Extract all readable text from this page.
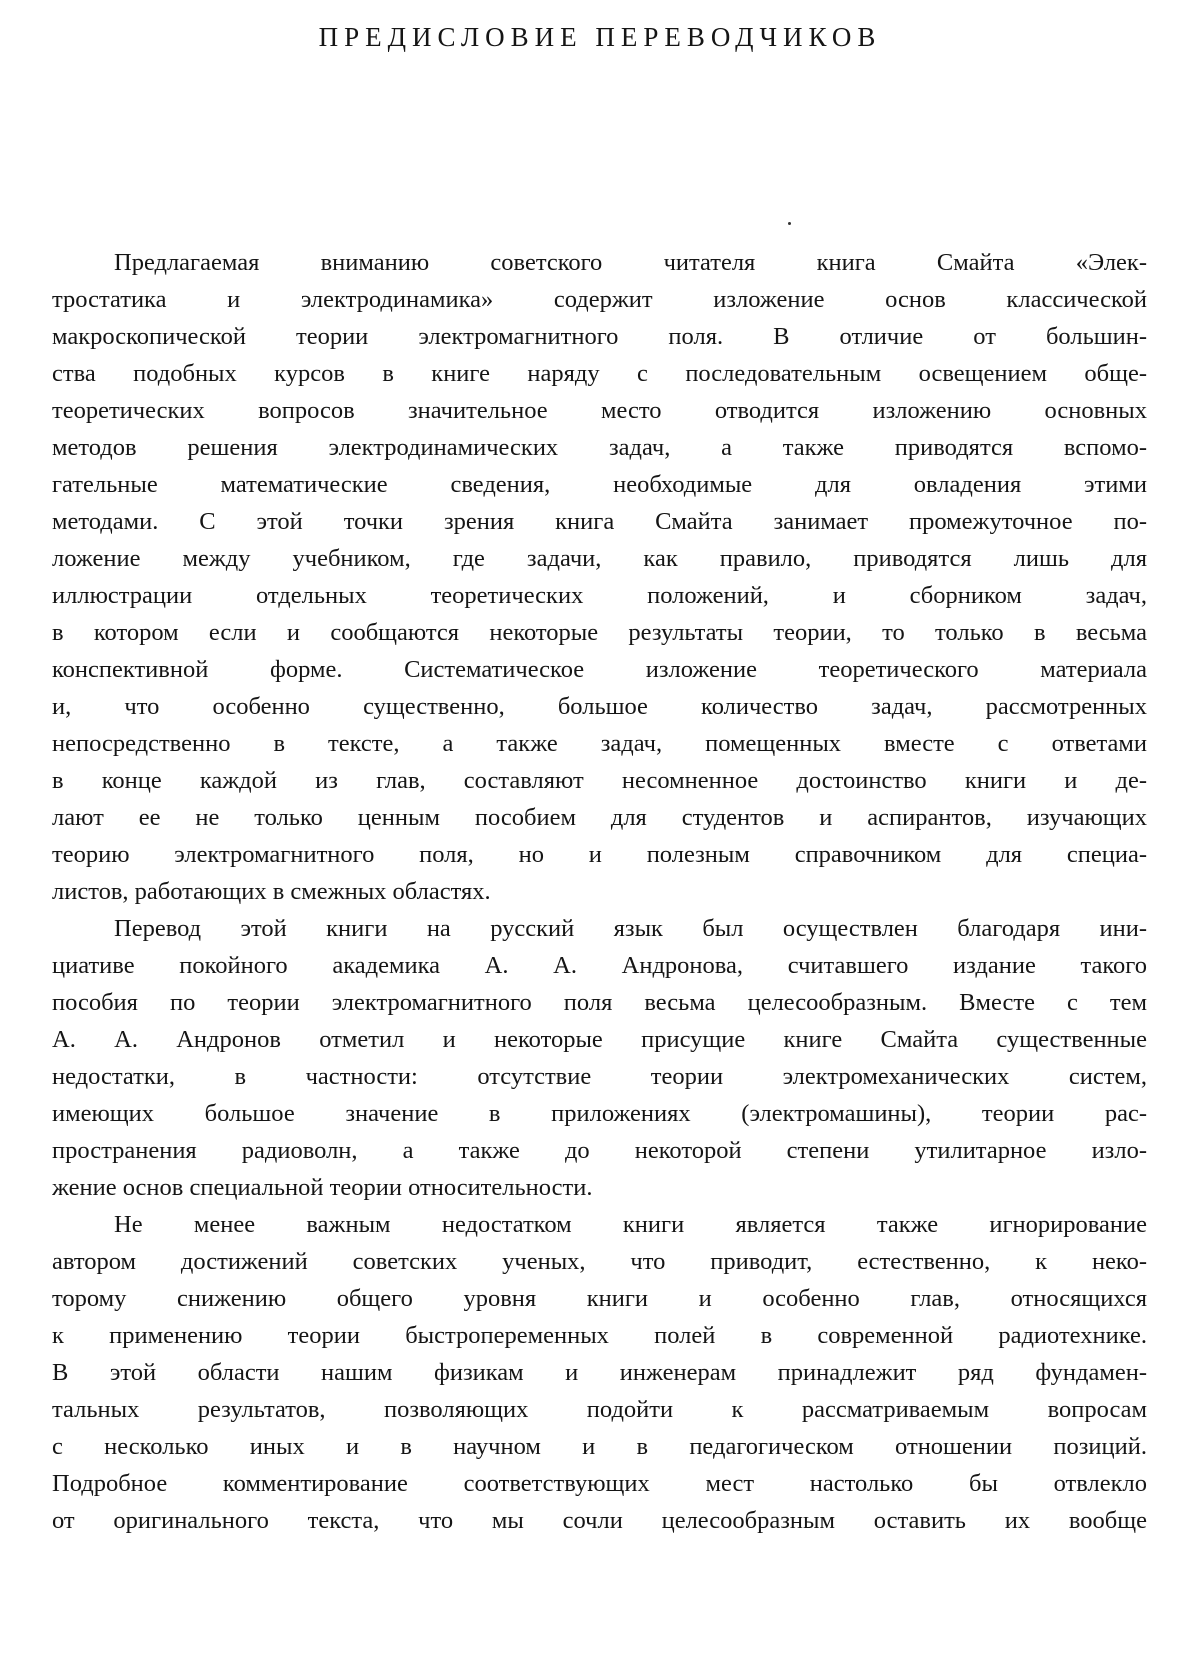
ПРЕДИСЛОВИЕ ПЕРЕВОДЧИКОВ
Предлагаемая вниманию советского читателя книга Смайта «Элек-
тростатика и электродинамика» содержит изложение основ классической
макроскопической теории электромагнитного поля. В отличие от большин-
ства подобных курсов в книге наряду с последовательным освещением обще-
теоретических вопросов значительное место отводится изложению основных
методов решения электродинамических задач, а также приводятся вспомо-
гательные математические сведения, необходимые для овладения этими
методами. С этой точки зрения книга Смайта занимает промежуточное по-
ложение между учебником, где задачи, как правило, приводятся лишь для
иллюстрации отдельных теоретических положений, и сборником задач,
в котором если и сообщаются некоторые результаты теории, то только в весьма
конспективной форме. Систематическое изложение теоретического материала
и, что особенно существенно, большое количество задач, рассмотренных
непосредственно в тексте, а также задач, помещенных вместе с ответами
в конце каждой из глав, составляют несомненное достоинство книги и де-
лают ее не только ценным пособием для студентов и аспирантов, изучающих
теорию электромагнитного поля, но и полезным справочником для специа-
листов, работающих в смежных областях.
Перевод этой книги на русский язык был осуществлен благодаря ини-
циативе покойного академика А. А. Андронова, считавшего издание такого
пособия по теории электромагнитного поля весьма целесообразным. Вместе с тем
А. А. Андронов отметил и некоторые присущие книге Смайта существенные
недостатки, в частности: отсутствие теории электромеханических систем,
имеющих большое значение в приложениях (электромашины), теории рас-
пространения радиоволн, а также до некоторой степени утилитарное изло-
жение основ специальной теории относительности.
Не менее важным недостатком книги является также игнорирование
автором достижений советских ученых, что приводит, естественно, к неко-
торому снижению общего уровня книги и особенно глав, относящихся
к применению теории быстропеременных полей в современной радиотехнике.
В этой области нашим физикам и инженерам принадлежит ряд фундамен-
тальных результатов, позволяющих подойти к рассматриваемым вопросам
с несколько иных и в научном и в педагогическом отношении позиций.
Подробное комментирование соответствующих мест настолько бы отвлекло
от оригинального текста, что мы сочли целесообразным оставить их вообще
